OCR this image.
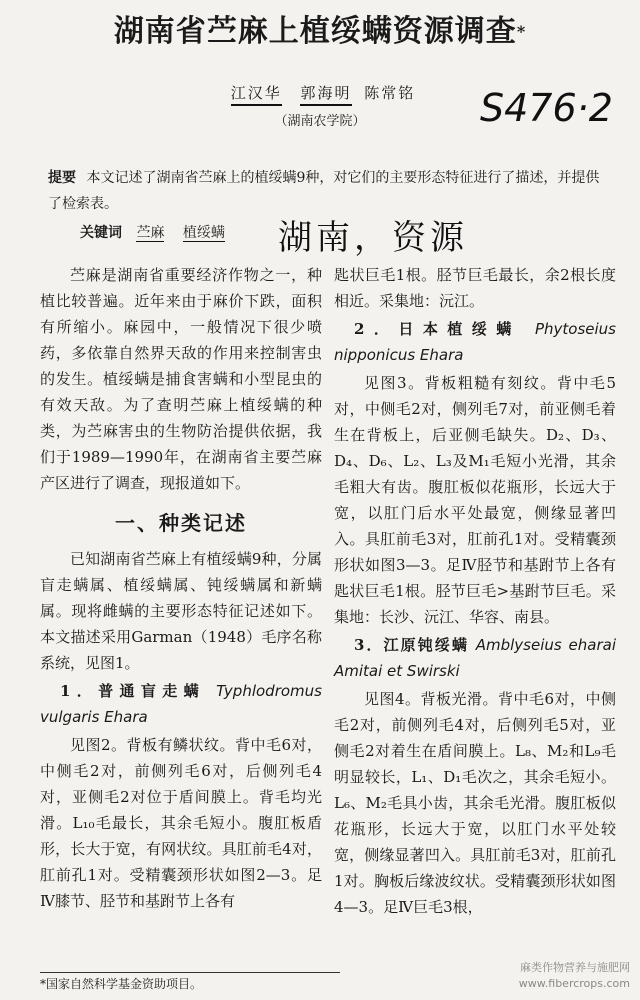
湖南省苎麻上植绥螨资源调查*
江汉华 郭海明 陈常铭	S476·2
（湖南农学院）
提要 本文记述了湖南省苎麻上的植绥螨9种，对它们的主要形态特征进行了描述，并提供了检索表。
关键词 苎麻 植绥螨	湖南，资源

苎麻是湖南省重要经济作物之一，种植比较普遍。近年来由于麻价下跌，面积有所缩小。麻园中，一般情况下很少喷药，多依靠自然界天敌的作用来控制害虫的发生。植绥螨是捕食害螨和小型昆虫的有效天敌。为了查明苎麻上植绥螨的种类，为苎麻害虫的生物防治提供依据，我们于1989—1990年，在湖南省主要苎麻产区进行了调查，现报道如下。

一、种类记述

已知湖南省苎麻上有植绥螨9种，分属盲走螨属、植绥螨属、钝绥螨属和新螨属。现将雌螨的主要形态特征记述如下。本文描述采用Garman（1948）毛序名称系统，见图1。

1．普通盲走螨 Typhlodromus vulgaris Ehara

见图2。背板有鳞状纹。背中毛6对，中侧毛2对，前侧列毛6对，后侧列毛4对，亚侧毛2对位于盾间膜上。背毛均光滑。L₁₀毛最长，其余毛短小。腹肛板盾形，长大于宽，有网状纹。具肛前毛4对，肛前孔1对。受精囊颈形状如图2—3。足Ⅳ膝节、胫节和基跗节上各有

匙状巨毛1根。胫节巨毛最长，余2根长度相近。采集地：沅江。

2．日本植绥螨 Phytoseius nipponicus Ehara

见图3。背板粗糙有刻纹。背中毛5对，中侧毛2对，侧列毛7对，前亚侧毛着生在背板上，后亚侧毛缺失。D₂、D₃、D₄、D₆、L₂、L₃及M₁毛短小光滑，其余毛粗大有齿。腹肛板似花瓶形，长远大于宽，以肛门后水平处最宽，侧缘显著凹入。具肛前毛3对，肛前孔1对。受精囊颈形状如图3—3。足Ⅳ胫节和基跗节上各有匙状巨毛1根。胫节巨毛>基跗节巨毛。采集地：长沙、沅江、华容、南县。

3．江原钝绥螨 Amblyseius eharai Amitai et Swirski

见图4。背板光滑。背中毛6对，中侧毛2对，前侧列毛4对，后侧列毛5对，亚侧毛2对着生在盾间膜上。L₈、M₂和L₉毛明显较长，L₁、D₁毛次之，其余毛短小。L₆、M₂毛具小齿，其余毛光滑。腹肛板似花瓶形，长远大于宽，以肛门水平处较宽，侧缘显著凹入。具肛前毛3对，肛前孔1对。胸板后缘波纹状。受精囊颈形状如图4—3。足Ⅳ巨毛3根，

*国家自然科学基金资助项目。
麻类作物营养与施肥网
www.fibercrops.com
